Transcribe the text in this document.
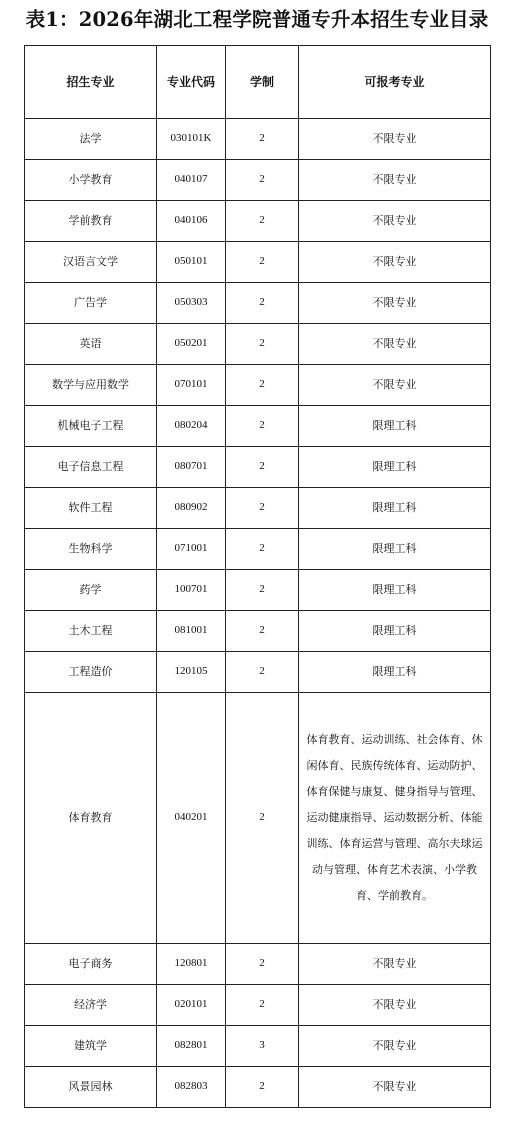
表1：2026年湖北工程学院普通专升本招生专业目录
招生专业	专业代码	学制	可报考专业
法学	030101K	2	不限专业
小学教育	040107	2	不限专业
学前教育	040106	2	不限专业
汉语言文学	050101	2	不限专业
广告学	050303	2	不限专业
英语	050201	2	不限专业
数学与应用数学	070101	2	不限专业
机械电子工程	080204	2	限理工科
电子信息工程	080701	2	限理工科
软件工程	080902	2	限理工科
生物科学	071001	2	限理工科
药学	100701	2	限理工科
土木工程	081001	2	限理工科
工程造价	120105	2	限理工科
体育教育	040201	2	体育教育、运动训练、社会体育、休闲体育、民族传统体育、运动防护、体育保健与康复、健身指导与管理、运动健康指导、运动数据分析、体能训练、体育运营与管理、高尔夫球运动与管理、体育艺术表演、小学教育、学前教育。
电子商务	120801	2	不限专业
经济学	020101	2	不限专业
建筑学	082801	3	不限专业
风景园林	082803	2	不限专业
